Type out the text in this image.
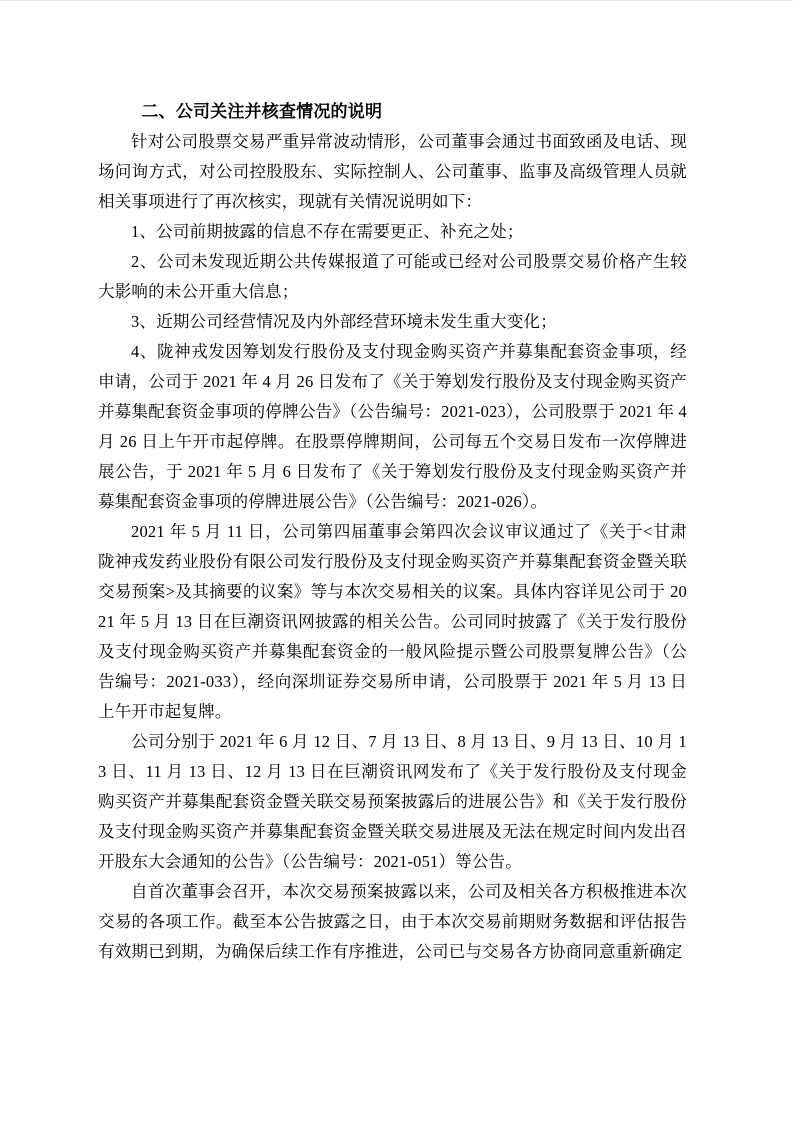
二、公司关注并核查情况的说明

针对公司股票交易严重异常波动情形，公司董事会通过书面致函及电话、现场问询方式，对公司控股股东、实际控制人、公司董事、监事及高级管理人员就相关事项进行了再次核实，现就有关情况说明如下：

1、公司前期披露的信息不存在需要更正、补充之处；

2、公司未发现近期公共传媒报道了可能或已经对公司股票交易价格产生较大影响的未公开重大信息；

3、近期公司经营情况及内外部经营环境未发生重大变化；

4、陇神戎发因筹划发行股份及支付现金购买资产并募集配套资金事项，经申请，公司于 2021 年 4 月 26 日发布了《关于筹划发行股份及支付现金购买资产并募集配套资金事项的停牌公告》（公告编号：2021-023），公司股票于 2021 年 4 月 26 日上午开市起停牌。在股票停牌期间，公司每五个交易日发布一次停牌进展公告，于 2021 年 5 月 6 日发布了《关于筹划发行股份及支付现金购买资产并募集配套资金事项的停牌进展公告》（公告编号：2021-026）。

2021 年 5 月 11 日，公司第四届董事会第四次会议审议通过了《关于<甘肃陇神戎发药业股份有限公司发行股份及支付现金购买资产并募集配套资金暨关联交易预案>及其摘要的议案》等与本次交易相关的议案。具体内容详见公司于 2021 年 5 月 13 日在巨潮资讯网披露的相关公告。公司同时披露了《关于发行股份及支付现金购买资产并募集配套资金的一般风险提示暨公司股票复牌公告》（公告编号：2021-033），经向深圳证券交易所申请，公司股票于 2021 年 5 月 13 日上午开市起复牌。

公司分别于 2021 年 6 月 12 日、7 月 13 日、8 月 13 日、9 月 13 日、10 月 13 日、11 月 13 日、12 月 13 日在巨潮资讯网发布了《关于发行股份及支付现金购买资产并募集配套资金暨关联交易预案披露后的进展公告》和《关于发行股份及支付现金购买资产并募集配套资金暨关联交易进展及无法在规定时间内发出召开股东大会通知的公告》（公告编号：2021-051）等公告。

自首次董事会召开，本次交易预案披露以来，公司及相关各方积极推进本次交易的各项工作。截至本公告披露之日，由于本次交易前期财务数据和评估报告有效期已到期，为确保后续工作有序推进，公司已与交易各方协商同意重新确定
